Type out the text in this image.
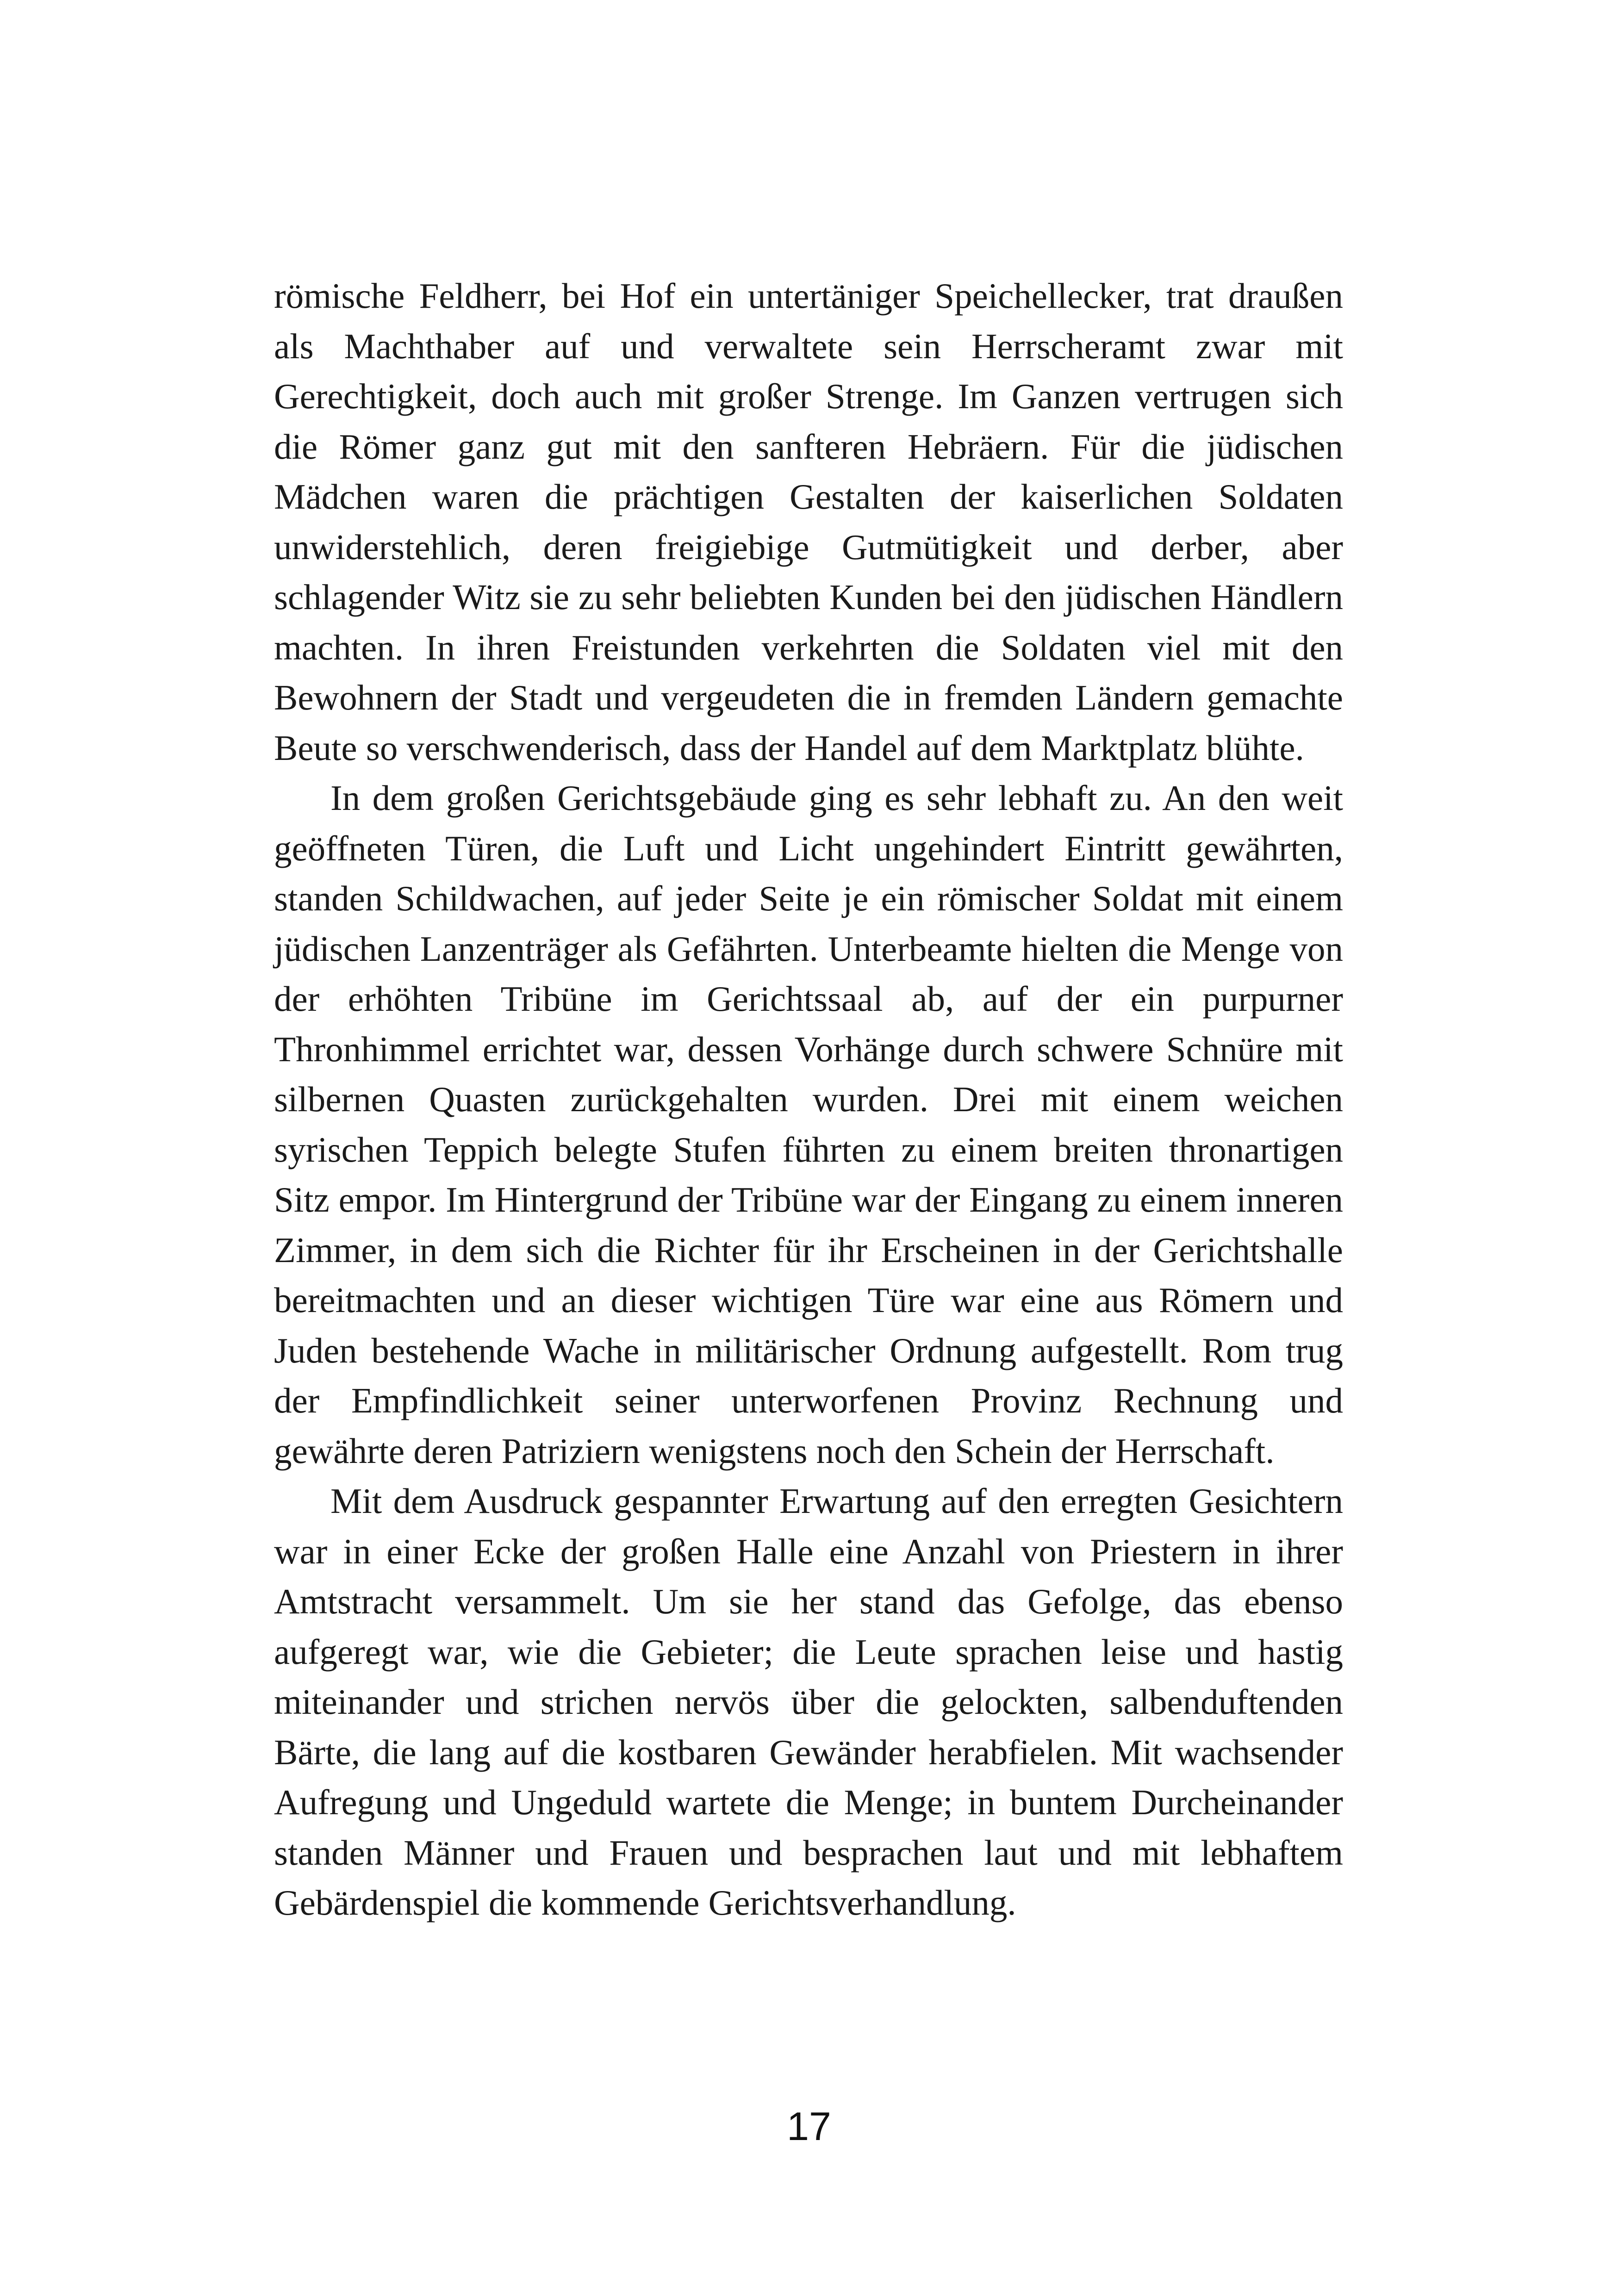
römische Feldherr, bei Hof ein untertäniger Speichellecker, trat draußen als Machthaber auf und verwaltete sein Herrscheramt zwar mit Gerechtigkeit, doch auch mit großer Strenge. Im Ganzen vertrugen sich die Römer ganz gut mit den sanfteren Hebräern. Für die jüdischen Mädchen waren die prächtigen Gestalten der kaiserlichen Soldaten unwiderstehlich, deren freigiebige Gutmütigkeit und derber, aber schlagender Witz sie zu sehr beliebten Kunden bei den jüdischen Händlern machten. In ihren Freistunden verkehrten die Soldaten viel mit den Bewohnern der Stadt und vergeudeten die in fremden Ländern gemachte Beute so verschwenderisch, dass der Handel auf dem Marktplatz blühte.

In dem großen Gerichtsgebäude ging es sehr lebhaft zu. An den weit geöffneten Türen, die Luft und Licht ungehindert Eintritt gewährten, standen Schildwachen, auf jeder Seite je ein römischer Soldat mit einem jüdischen Lanzenträger als Gefährten. Unterbeamte hielten die Menge von der erhöhten Tribüne im Gerichtssaal ab, auf der ein purpurner Thronhimmel errichtet war, dessen Vorhänge durch schwere Schnüre mit silbernen Quasten zurückgehalten wurden. Drei mit einem weichen syrischen Teppich belegte Stufen führten zu einem breiten thronartigen Sitz empor. Im Hintergrund der Tribüne war der Eingang zu einem inneren Zimmer, in dem sich die Richter für ihr Erscheinen in der Gerichtshalle bereitmachten und an dieser wichtigen Türe war eine aus Römern und Juden bestehende Wache in militärischer Ordnung aufgestellt. Rom trug der Empfindlichkeit seiner unterworfenen Provinz Rechnung und gewährte deren Patriziern wenigstens noch den Schein der Herrschaft.

Mit dem Ausdruck gespannter Erwartung auf den erregten Gesichtern war in einer Ecke der großen Halle eine Anzahl von Priestern in ihrer Amtstracht versammelt. Um sie her stand das Gefolge, das ebenso aufgeregt war, wie die Gebieter; die Leute sprachen leise und hastig miteinander und strichen nervös über die gelockten, salbenduftenden Bärte, die lang auf die kostbaren Gewänder herabfielen. Mit wachsender Aufregung und Ungeduld wartete die Menge; in buntem Durcheinander standen Männer und Frauen und besprachen laut und mit lebhaftem Gebärdenspiel die kommende Gerichtsverhandlung.

17
